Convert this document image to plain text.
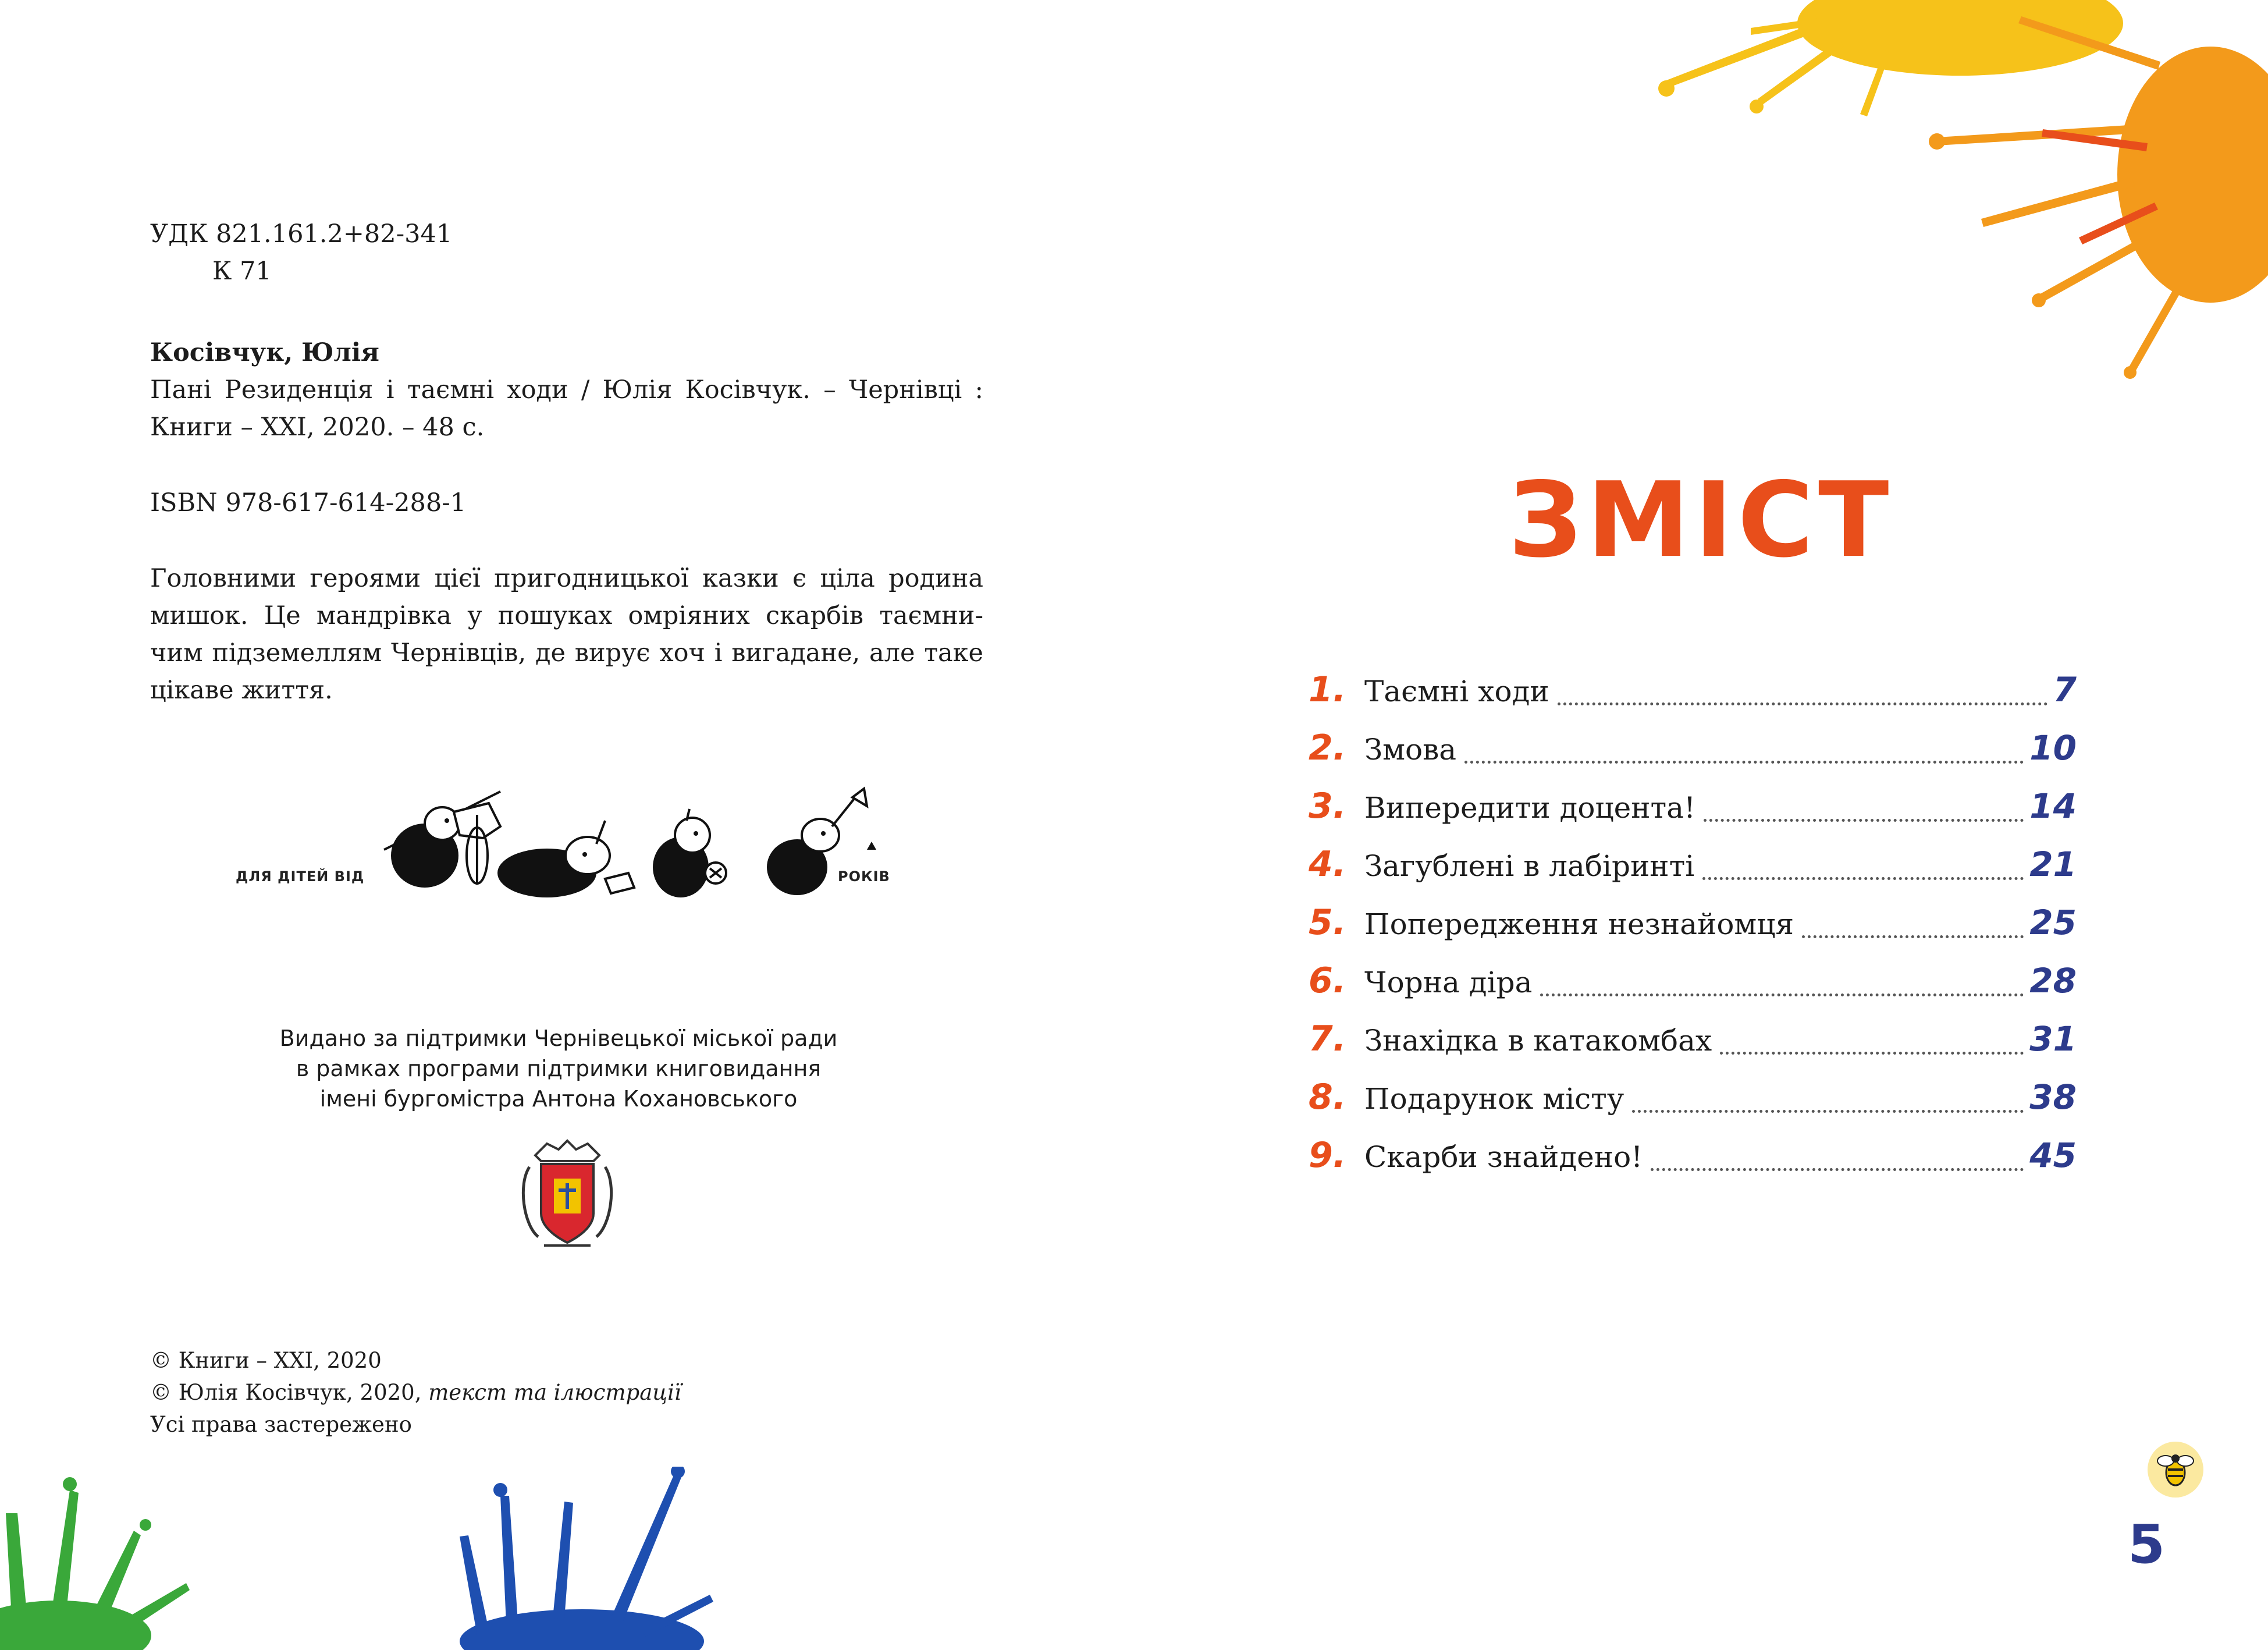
УДК 821.161.2+82-341
К 71
Косівчук, Юлія
Пані Резиденція і таємні ходи / Юлія Косівчук. – Чернівці :
Книги – XXI, 2020. – 48 с.
ISBN 978-617-614-288-1
Головними героями цієї пригодницької казки є ціла родина
мишок. Це мандрівка у пошуках омріяних скарбів таємни-
чим підземеллям Чернівців, де вирує хоч і вигадане, але таке
цікаве життя.
ДЛЯ ДІТЕЙ ВІД	РОКІВ
Видано за підтримки Чернівецької міської ради
в рамках програми підтримки книговидання
імені бургомістра Антона Кохановського
© Книги – XXI, 2020
© Юлія Косівчук, 2020, текст та ілюстрації
Усі права застережено
ЗМІСТ
1. Таємні ходи	7
2. Змова	10
3. Випередити доцента!	14
4. Загублені в лабіринті	21
5. Попередження незнайомця	25
6. Чорна діра	28
7. Знахідка в катакомбах	31
8. Подарунок місту	38
9. Скарби знайдено!	45
5
